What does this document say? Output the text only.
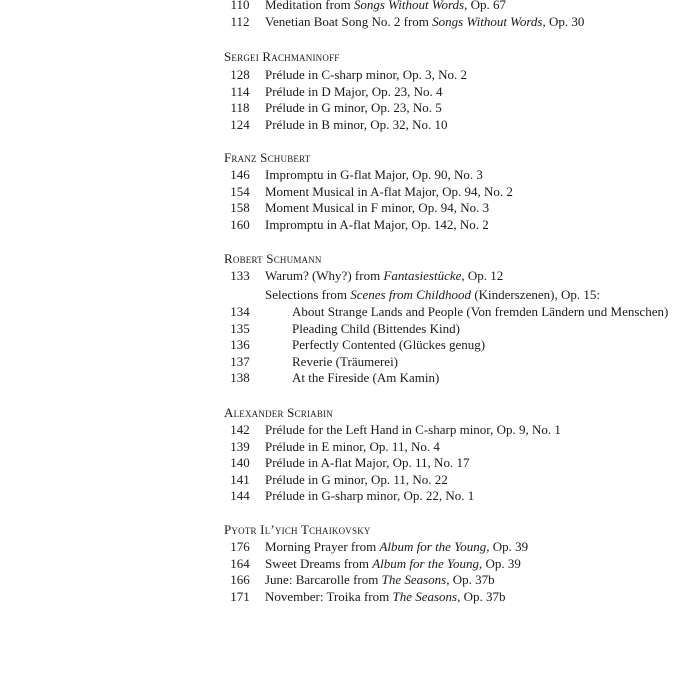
110	Meditation from Songs Without Words, Op. 67
112	Venetian Boat Song No. 2 from Songs Without Words, Op. 30
Sergei Rachmaninoff
128	Prélude in C-sharp minor, Op. 3, No. 2
114	Prélude in D Major, Op. 23, No. 4
118	Prélude in G minor, Op. 23, No. 5
124	Prélude in B minor, Op. 32, No. 10
Franz Schubert
146	Impromptu in G-flat Major, Op. 90, No. 3
154	Moment Musical in A-flat Major, Op. 94, No. 2
158	Moment Musical in F minor, Op. 94, No. 3
160	Impromptu in A-flat Major, Op. 142, No. 2
Robert Schumann
133	Warum? (Why?) from Fantasiestücke, Op. 12
Selections from Scenes from Childhood (Kinderszenen), Op. 15:
134	About Strange Lands and People (Von fremden Ländern und Menschen)
135	Pleading Child (Bittendes Kind)
136	Perfectly Contented (Glückes genug)
137	Reverie (Träumerei)
138	At the Fireside (Am Kamin)
Alexander Scriabin
142	Prélude for the Left Hand in C-sharp minor, Op. 9, No. 1
139	Prélude in E minor, Op. 11, No. 4
140	Prélude in A-flat Major, Op. 11, No. 17
141	Prélude in G minor, Op. 11, No. 22
144	Prélude in G-sharp minor, Op. 22, No. 1
Pyotr Il’yich Tchaikovsky
176	Morning Prayer from Album for the Young, Op. 39
164	Sweet Dreams from Album for the Young, Op. 39
166	June: Barcarolle from The Seasons, Op. 37b
171	November: Troika from The Seasons, Op. 37b
